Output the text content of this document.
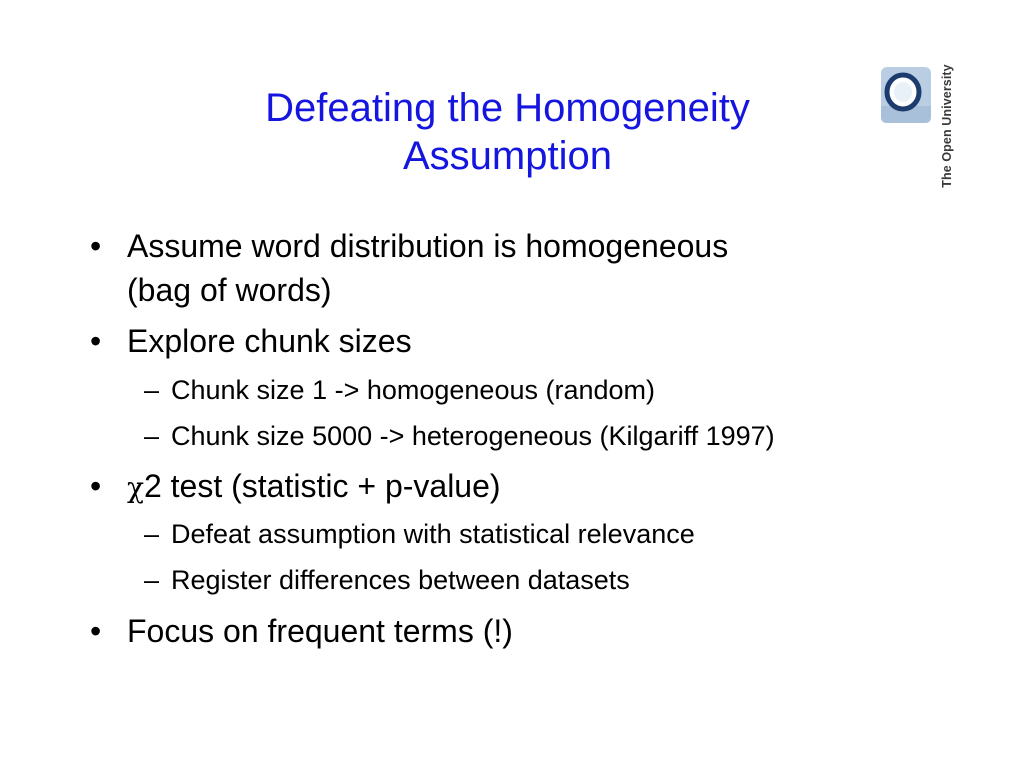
Defeating the Homogeneity
Assumption	The Open University
• Assume word distribution is homogeneous
(bag of words)
• Explore chunk sizes
– Chunk size 1 -> homogeneous (random)
– Chunk size 5000 -> heterogeneous (Kilgariff 1997)
• χ2 test (statistic + p-value)
– Defeat assumption with statistical relevance
– Register differences between datasets
• Focus on frequent terms (!)
